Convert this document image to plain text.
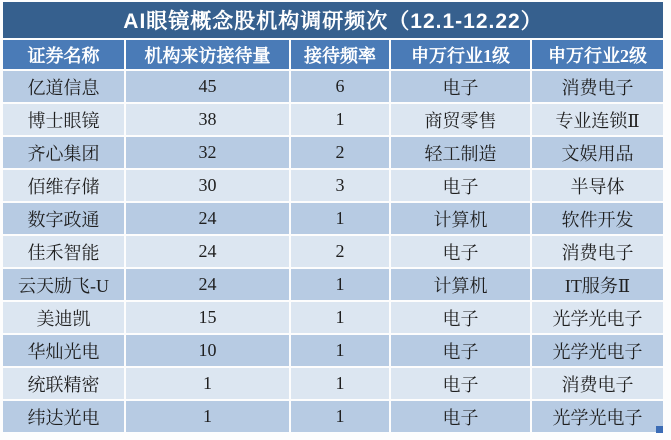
AI眼镜概念股机构调研频次（12.1-12.22）				
证券名称	机构来访接待量	接待频率	申万行业1级	申万行业2级
亿道信息	45	6	电子	消费电子
博士眼镜	38	1	商贸零售	专业连锁Ⅱ
齐心集团	32	2	轻工制造	文娱用品
佰维存储	30	3	电子	半导体
数字政通	24	1	计算机	软件开发
佳禾智能	24	2	电子	消费电子
云天励飞-U	24	1	计算机	IT服务Ⅱ
美迪凯	15	1	电子	光学光电子
华灿光电	10	1	电子	光学光电子
统联精密	1	1	电子	消费电子
纬达光电	1	1	电子	光学光电子
